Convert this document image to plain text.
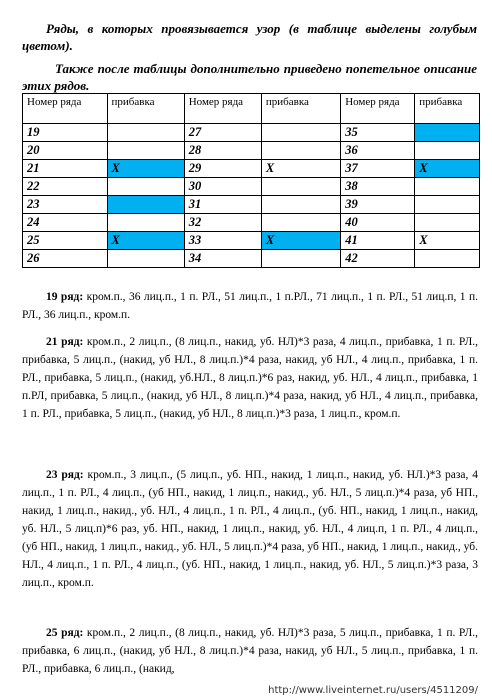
Ряды, в которых провязывается узор (в таблице выделены голубым цветом).
Также после таблицы дополнительно приведено попетельное описание этих рядов.
Номер ряда	прибавка	Номер ряда	прибавка	Номер ряда	прибавка
19		27		35	
20		28		36	
21	X	29	X	37	X
22		30		38	
23		31		39	
24		32		40	
25	X	33	X	41	X
26		34		42	
19 ряд: кром.п., 36 лиц.п., 1 п. РЛ., 51 лиц.п., 1 п.РЛ., 71 лиц.п., 1 п. РЛ., 51 лиц.п, 1 п. РЛ., 36 лиц.п., кром.п.
21 ряд: кром.п., 2 лиц.п., (8 лиц.п., накид, уб. НЛ)*3 раза, 4 лиц.п., прибавка, 1 п. РЛ., прибавка, 5 лиц.п., (накид, уб НЛ., 8 лиц.п.)*4 раза, накид, уб НЛ., 4 лиц.п., прибавка, 1 п. РЛ., прибавка, 5 лиц.п., (накид, уб.НЛ., 8 лиц.п.)*6 раз, накид, уб. НЛ., 4 лиц.п., прибавка, 1 п.РЛ, прибавка, 5 лиц.п., (накид, уб НЛ., 8 лиц.п.)*4 раза, накид, уб НЛ., 4 лиц.п., прибавка, 1 п. РЛ., прибавка, 5 лиц.п., (накид, уб НЛ., 8 лиц.п.)*3 раза, 1 лиц.п., кром.п.
23 ряд: кром.п., 3 лиц.п., (5 лиц.п., уб. НП., накид, 1 лиц.п., накид, уб. НЛ.)*3 раза, 4 лиц.п., 1 п. РЛ., 4 лиц.п., (уб НП., накид, 1 лиц.п., накид., уб. НЛ., 5 лиц.п.)*4 раза, уб НП., накид, 1 лиц.п., накид., уб. НЛ., 4 лиц.п., 1 п. РЛ., 4 лиц.п., (уб. НП., накид, 1 лиц.п., накид, уб. НЛ., 5 лиц.п)*6 раз, уб. НП., накид, 1 лиц.п., накид, уб. НЛ., 4 лиц.п, 1 п. РЛ., 4 лиц.п., (уб НП., накид, 1 лиц.п., накид., уб. НЛ., 5 лиц.п.)*4 раза, уб НП., накид, 1 лиц.п., накид., уб. НЛ., 4 лиц.п., 1 п. РЛ., 4 лиц.п., (уб. НП., накид, 1 лиц.п., накид, уб. НЛ., 5 лиц.п.)*3 раза, 3 лиц.п., кром.п.
25 ряд: кром.п., 2 лиц.п., (8 лиц.п., накид, уб. НЛ)*3 раза, 5 лиц.п., прибавка, 1 п. РЛ., прибавка, 6 лиц.п., (накид, уб НЛ., 8 лиц.п.)*4 раза, накид, уб НЛ., 5 лиц.п., прибавка, 1 п. РЛ., прибавка, 6 лиц.п., (накид,
http://www.liveinternet.ru/users/4511209/
